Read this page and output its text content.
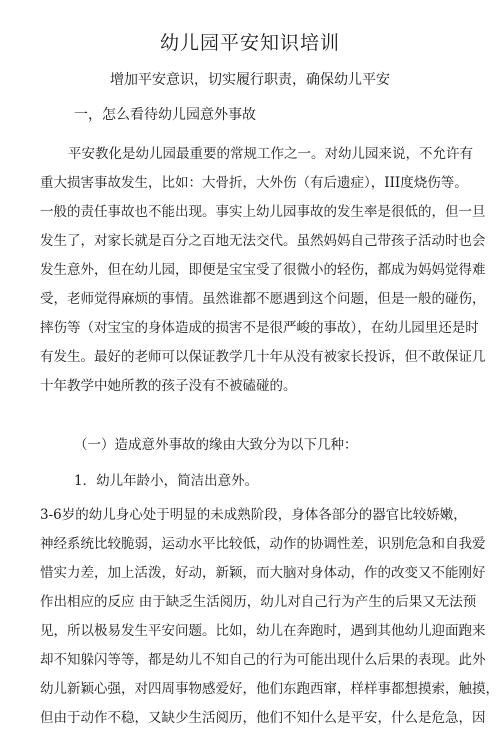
幼儿园平安知识培训
增加平安意识，切实履行职责，确保幼儿平安
一，怎么看待幼儿园意外事故
平安教化是幼儿园最重要的常规工作之一。对幼儿园来说，不允许有
重大损害事故发生，比如：大骨折，大外伤（有后遗症），III度烧伤等。
一般的责任事故也不能出现。事实上幼儿园事故的发生率是很低的，但一旦
发生了，对家长就是百分之百地无法交代。虽然妈妈自己带孩子活动时也会
发生意外，但在幼儿园，即便是宝宝受了很微小的轻伤，都成为妈妈觉得难
受，老师觉得麻烦的事情。虽然谁都不愿遇到这个问题，但是一般的碰伤，
摔伤等（对宝宝的身体造成的损害不是很严峻的事故），在幼儿园里还是时
有发生。最好的老师可以保证教学几十年从没有被家长投诉，但不敢保证几
十年教学中她所教的孩子没有不被磕碰的。
（一）造成意外事故的缘由大致分为以下几种：
1．幼儿年龄小，简洁出意外。
3-6岁的幼儿身心处于明显的未成熟阶段，身体各部分的器官比较娇嫩，
神经系统比较脆弱，运动水平比较低，动作的协调性差，识别危急和自我爱
惜实力差，加上活泼，好动，新颖，而大脑对身体动，作的改变又不能刚好
作出相应的反应 由于缺乏生活阅历，幼儿对自己行为产生的后果又无法预
见，所以极易发生平安问题。比如，幼儿在奔跑时，遇到其他幼儿迎面跑来
却不知躲闪等等，都是幼儿不知自己的行为可能出现什么后果的表现。此外
幼儿新颖心强，对四周事物感爱好，他们东跑西窜，样样事都想摸索，触摸，
但由于动作不稳，又缺少生活阅历，他们不知什么是平安，什么是危急，因
